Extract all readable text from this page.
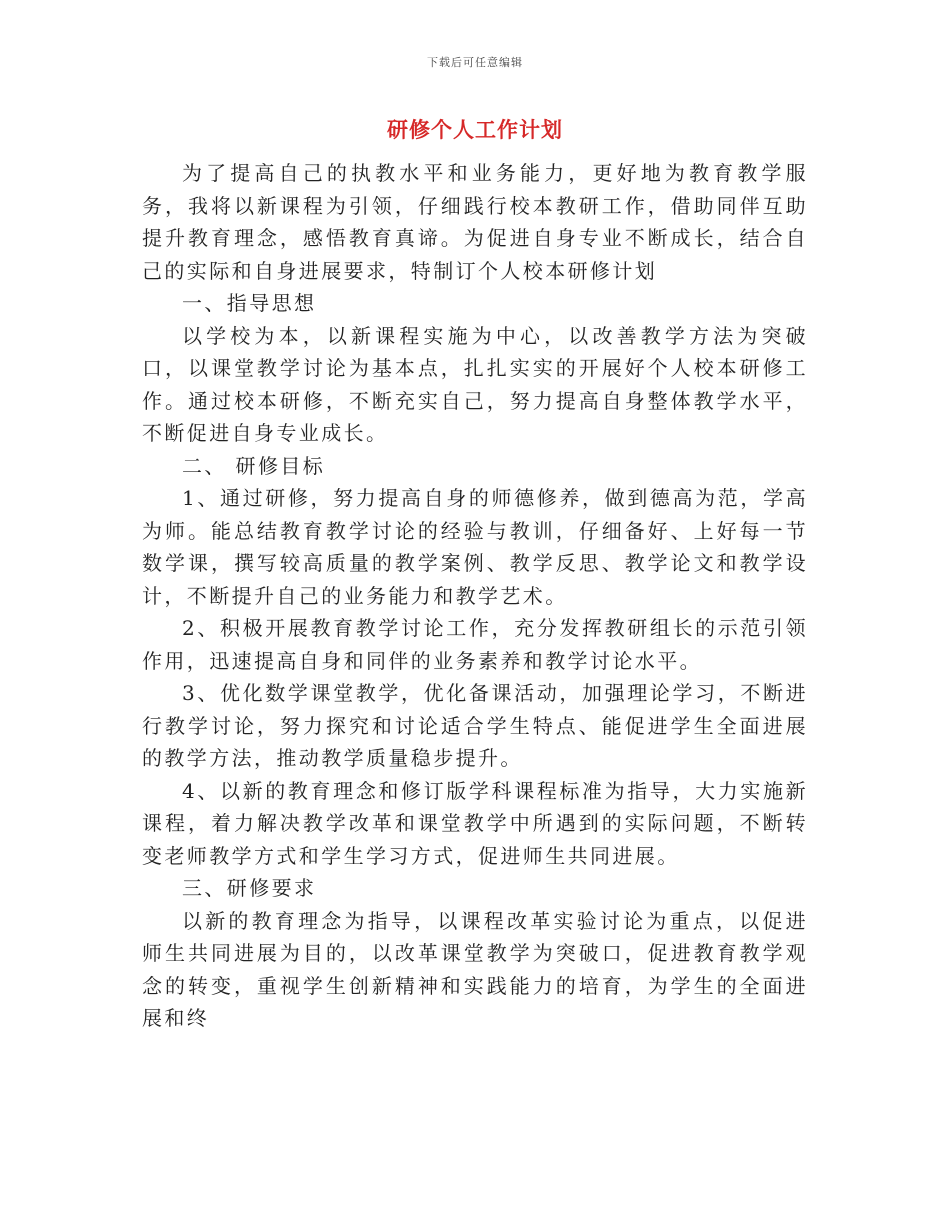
下载后可任意编辑
研修个人工作计划

为了提高自己的执教水平和业务能力，更好地为教育教学服务，我将以新课程为引领，仔细践行校本教研工作，借助同伴互助提升教育理念，感悟教育真谛。为促进自身专业不断成长，结合自己的实际和自身进展要求，特制订个人校本研修计划

一、指导思想

以学校为本，以新课程实施为中心，以改善教学方法为突破口，以课堂教学讨论为基本点，扎扎实实的开展好个人校本研修工作。通过校本研修，不断充实自己，努力提高自身整体教学水平，不断促进自身专业成长。

二、 研修目标

1、通过研修，努力提高自身的师德修养，做到德高为范，学高为师。能总结教育教学讨论的经验与教训，仔细备好、上好每一节数学课，撰写较高质量的教学案例、教学反思、教学论文和教学设计，不断提升自己的业务能力和教学艺术。

2、积极开展教育教学讨论工作，充分发挥教研组长的示范引领作用，迅速提高自身和同伴的业务素养和教学讨论水平。

3、优化数学课堂教学，优化备课活动，加强理论学习，不断进行教学讨论，努力探究和讨论适合学生特点、能促进学生全面进展的教学方法，推动教学质量稳步提升。

4、以新的教育理念和修订版学科课程标准为指导，大力实施新课程，着力解决教学改革和课堂教学中所遇到的实际问题，不断转变老师教学方式和学生学习方式，促进师生共同进展。

三、研修要求

以新的教育理念为指导，以课程改革实验讨论为重点，以促进师生共同进展为目的，以改革课堂教学为突破口，促进教育教学观念的转变，重视学生创新精神和实践能力的培育，为学生的全面进展和终
